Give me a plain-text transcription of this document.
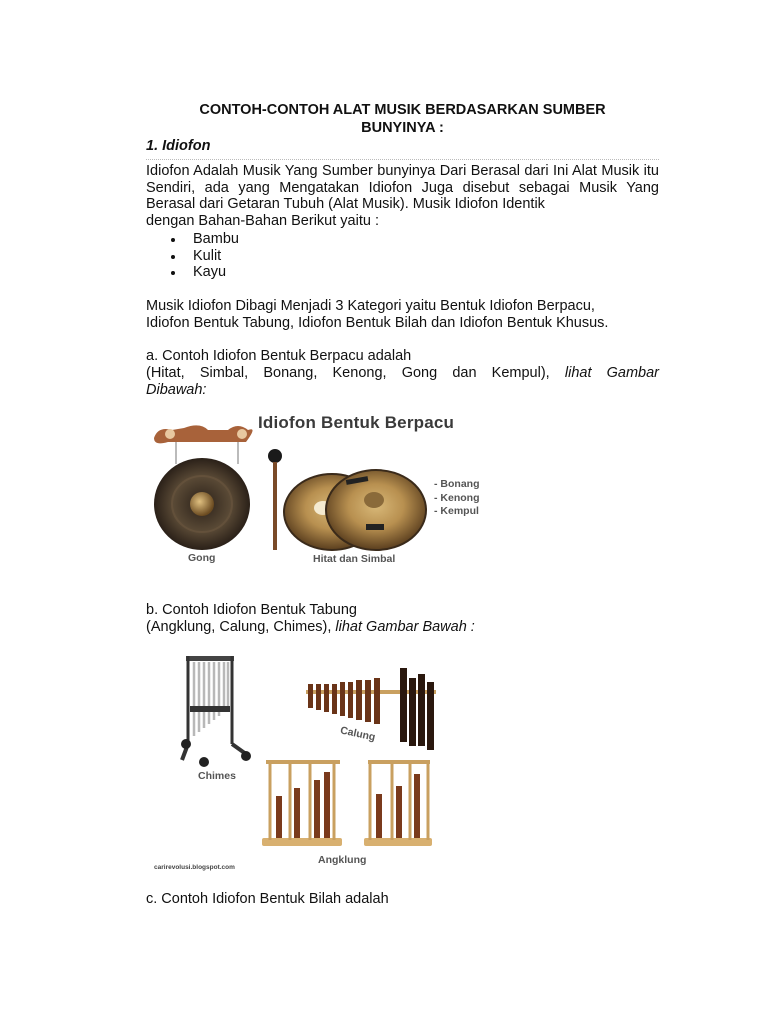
CONTOH-CONTOH ALAT MUSIK BERDASARKAN SUMBER
BUNYINYA :
1. Idiofon
Idiofon Adalah Musik Yang Sumber bunyinya Dari Berasal dari Ini Alat Musik itu Sendiri, ada yang Mengatakan Idiofon Juga disebut sebagai Musik Yang Berasal dari Getaran Tubuh (Alat Musik). Musik Idiofon Identik
dengan Bahan-Bahan Berikut yaitu :
Bambu
Kulit
Kayu
Musik Idiofon Dibagi Menjadi 3 Kategori yaitu Bentuk Idiofon Berpacu,
Idiofon Bentuk Tabung, Idiofon Bentuk Bilah dan Idiofon Bentuk Khusus.
a. Contoh Idiofon Bentuk Berpacu adalah
(Hitat, Simbal, Bonang, Kenong, Gong dan Kempul), lihat Gambar
Dibawah:
b. Contoh Idiofon Bentuk Tabung
(Angklung, Calung, Chimes), lihat Gambar Bawah :
c. Contoh Idiofon Bentuk Bilah adalah
Idiofon Bentuk Berpacu
Gong	Hitat dan Simbal
- Bonang
- Kenong
- Kempul
Chimes
Calung
Angklung
carirevolusi.blogspot.com
